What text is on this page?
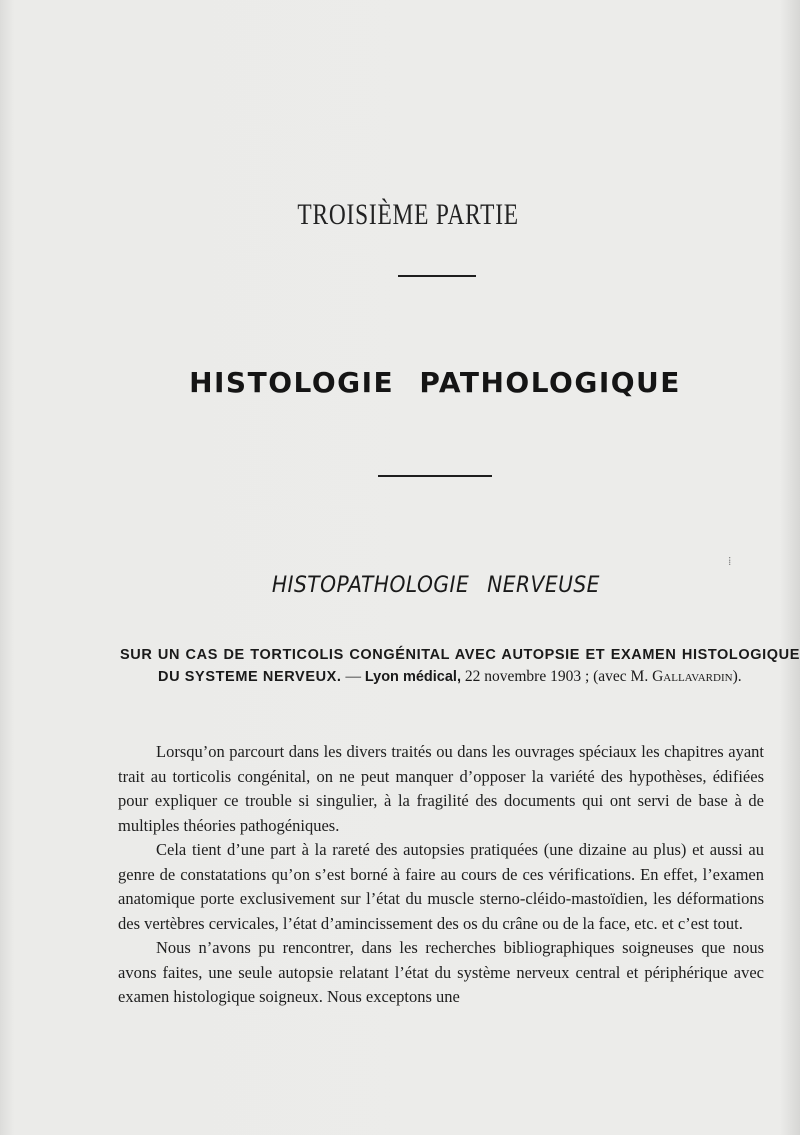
TROISIÈME PARTIE
HISTOLOGIE PATHOLOGIQUE
HISTOPATHOLOGIE NERVEUSE
⁞
SUR UN CAS DE TORTICOLIS CONGÉNITAL AVEC AUTOPSIE ET EXAMEN HISTOLOGIQUE DU SYSTEME NERVEUX. — Lyon médical, 22 novembre 1903 ; (avec M. Gallavardin).

Lorsqu’on parcourt dans les divers traités ou dans les ouvrages spéciaux les chapitres ayant trait au torticolis congénital, on ne peut manquer d’opposer la variété des hypothèses, édifiées pour expliquer ce trouble si singulier, à la fragilité des documents qui ont servi de base à de multiples théories pathogéniques.

Cela tient d’une part à la rareté des autopsies pratiquées (une dizaine au plus) et aussi au genre de constatations qu’on s’est borné à faire au cours de ces vérifications. En effet, l’examen anatomique porte exclusivement sur l’état du muscle sterno-cléido-mastoïdien, les déformations des vertèbres cervicales, l’état d’amincissement des os du crâne ou de la face, etc. et c’est tout.

Nous n’avons pu rencontrer, dans les recherches bibliographiques soigneuses que nous avons faites, une seule autopsie relatant l’état du système nerveux central et périphérique avec examen histologique soigneux. Nous exceptons une
